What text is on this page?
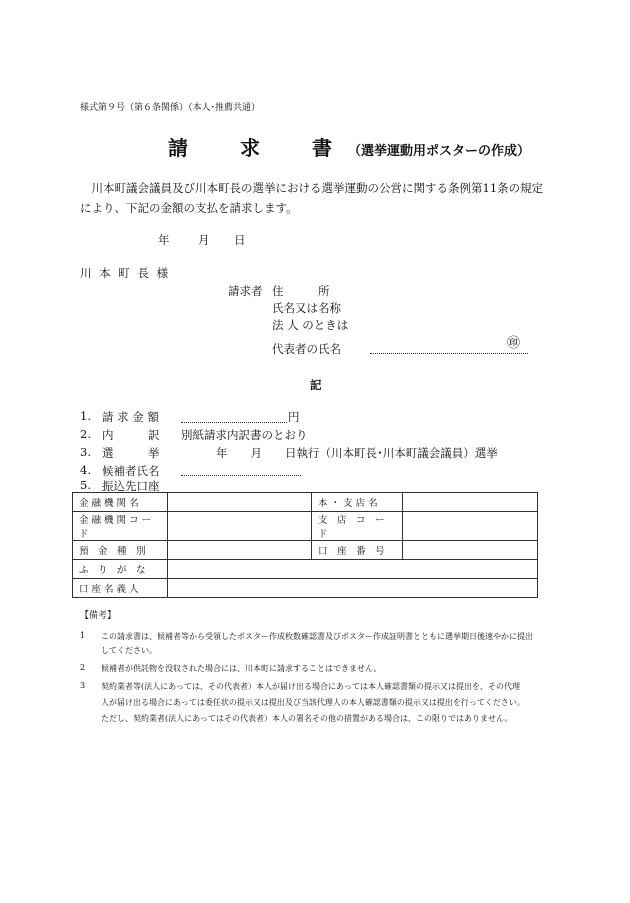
様式第９号（第６条関係）（本人･推薦共通）
請　求　書（選挙運動用ポスターの作成）
　川本町議会議員及び川本町長の選挙における選挙運動の公営に関する条例第11条の規定により、下記の金額の支払を請求します。
年 月 日
川 本 町 長 様
請求者 住　　　所
氏名又は名称
法 人 のときは
代表者の氏名	㊞
記
1. 請 求 金 額	円
2. 内　　　訳 別紙請求内訳書のとおり
3. 選　　　挙	年　　月　　日執行（川本町長･川本町議会議員）選挙
4. 候補者氏名
5. 振込先口座
金 融 機 関 名		本 ・ 支 店 名	
金 融 機 関 コ ー ド		支　店　コ　ー　ド	
預　金　種　別		口　座　番　号	
ふ　り　が　な			
口 座 名 義 人			
【備考】
1 この請求書は、候補者等から受領したポスター作成枚数確認書及びポスター作成証明書とともに選挙期日後速やかに提出
してください。
2 候補者が供託物を没収された場合には、川本町に請求することはできません。
3 契約業者等(法人にあっては、その代表者）本人が届け出る場合にあっては本人確認書類の提示又は提出を、その代理
人が届け出る場合にあっては委任状の提示又は提出及び当該代理人の本人確認書類の提示又は提出を行ってください。
ただし、契約業者(法人にあってはその代表者）本人の署名その他の措置がある場合は、この限りではありません。
